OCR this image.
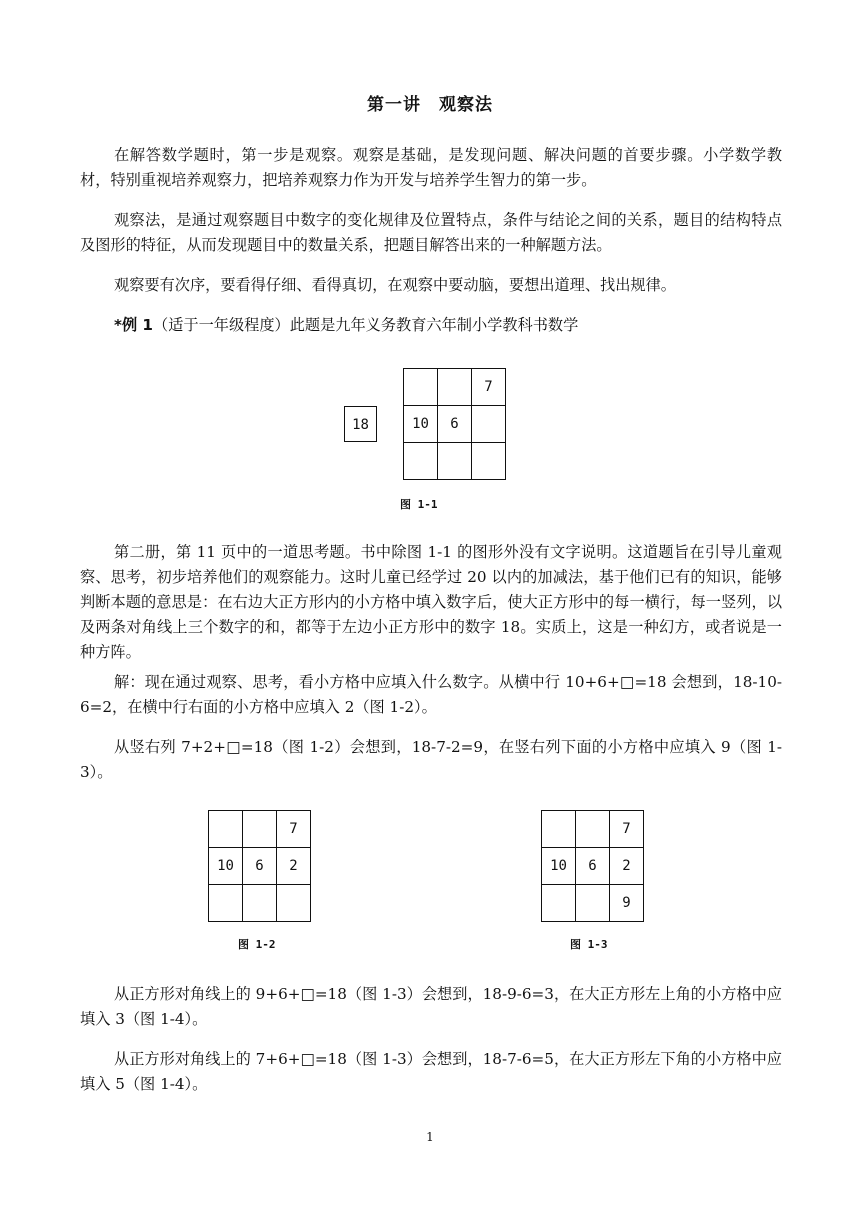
第一讲　观察法

在解答数学题时，第一步是观察。观察是基础，是发现问题、解决问题的首要步骤。小学数学教材，特别重视培养观察力，把培养观察力作为开发与培养学生智力的第一步。

观察法，是通过观察题目中数字的变化规律及位置特点，条件与结论之间的关系，题目的结构特点及图形的特征，从而发现题目中的数量关系，把题目解答出来的一种解题方法。

观察要有次序，要看得仔细、看得真切，在观察中要动脑，要想出道理、找出规律。

*例 1（适于一年级程度）此题是九年义务教育六年制小学教科书数学

18
		7
10	6	

图 1-1

第二册，第 11 页中的一道思考题。书中除图 1-1 的图形外没有文字说明。这道题旨在引导儿童观察、思考，初步培养他们的观察能力。这时儿童已经学过 20 以内的加减法，基于他们已有的知识，能够判断本题的意思是：在右边大正方形内的小方格中填入数字后，使大正方形中的每一横行，每一竖列，以及两条对角线上三个数字的和，都等于左边小正方形中的数字 18。实质上，这是一种幻方，或者说是一种方阵。

解：现在通过观察、思考，看小方格中应填入什么数字。从横中行 10+6+□=18 会想到，18-10-6=2，在横中行右面的小方格中应填入 2（图 1-2）。

从竖右列 7+2+□=18（图 1-2）会想到，18-7-2=9，在竖右列下面的小方格中应填入 9（图 1-3）。

		7
10	6	2

图 1-2
		7
10	6	2
		9
图 1-3

从正方形对角线上的 9+6+□=18（图 1-3）会想到，18-9-6=3，在大正方形左上角的小方格中应填入 3（图 1-4）。

从正方形对角线上的 7+6+□=18（图 1-3）会想到，18-7-6=5，在大正方形左下角的小方格中应填入 5（图 1-4）。

1
